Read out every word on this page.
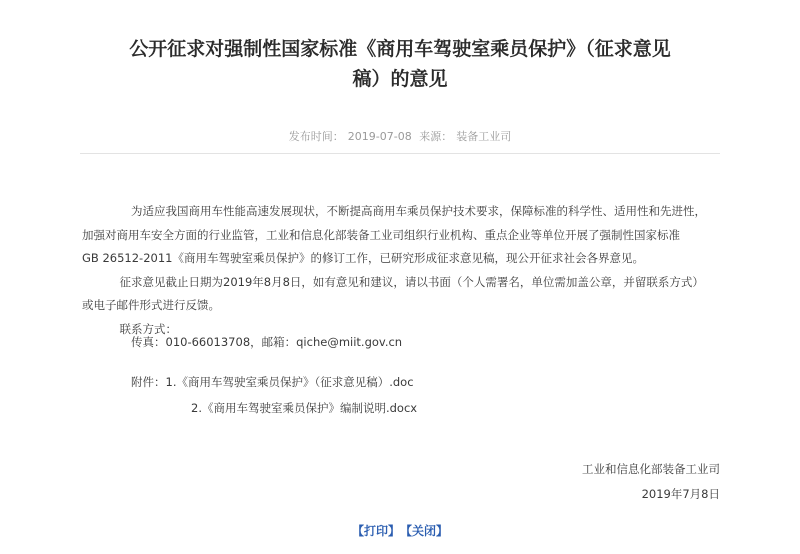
公开征求对强制性国家标准《商用车驾驶室乘员保护》（征求意见
稿）的意见
发布时间： 2019-07-08 来源： 装备工业司

为适应我国商用车性能高速发展现状，不断提高商用车乘员保护技术要求，保障标准的科学性、适用性和先进性，

加强对商用车安全方面的行业监管，工业和信息化部装备工业司组织行业机构、重点企业等单位开展了强制性国家标准

GB 26512-2011《商用车驾驶室乘员保护》的修订工作，已研究形成征求意见稿，现公开征求社会各界意见。

征求意见截止日期为2019年8月8日，如有意见和建议，请以书面（个人需署名，单位需加盖公章，并留联系方式）

或电子邮件形式进行反馈。

联系方式：

传真：010-66013708，邮箱：qiche@miit.gov.cn
附件：1.《商用车驾驶室乘员保护》（征求意见稿）.doc
2.《商用车驾驶室乘员保护》编制说明.docx
工业和信息化部装备工业司
2019年7月8日
【打印】 【关闭】
